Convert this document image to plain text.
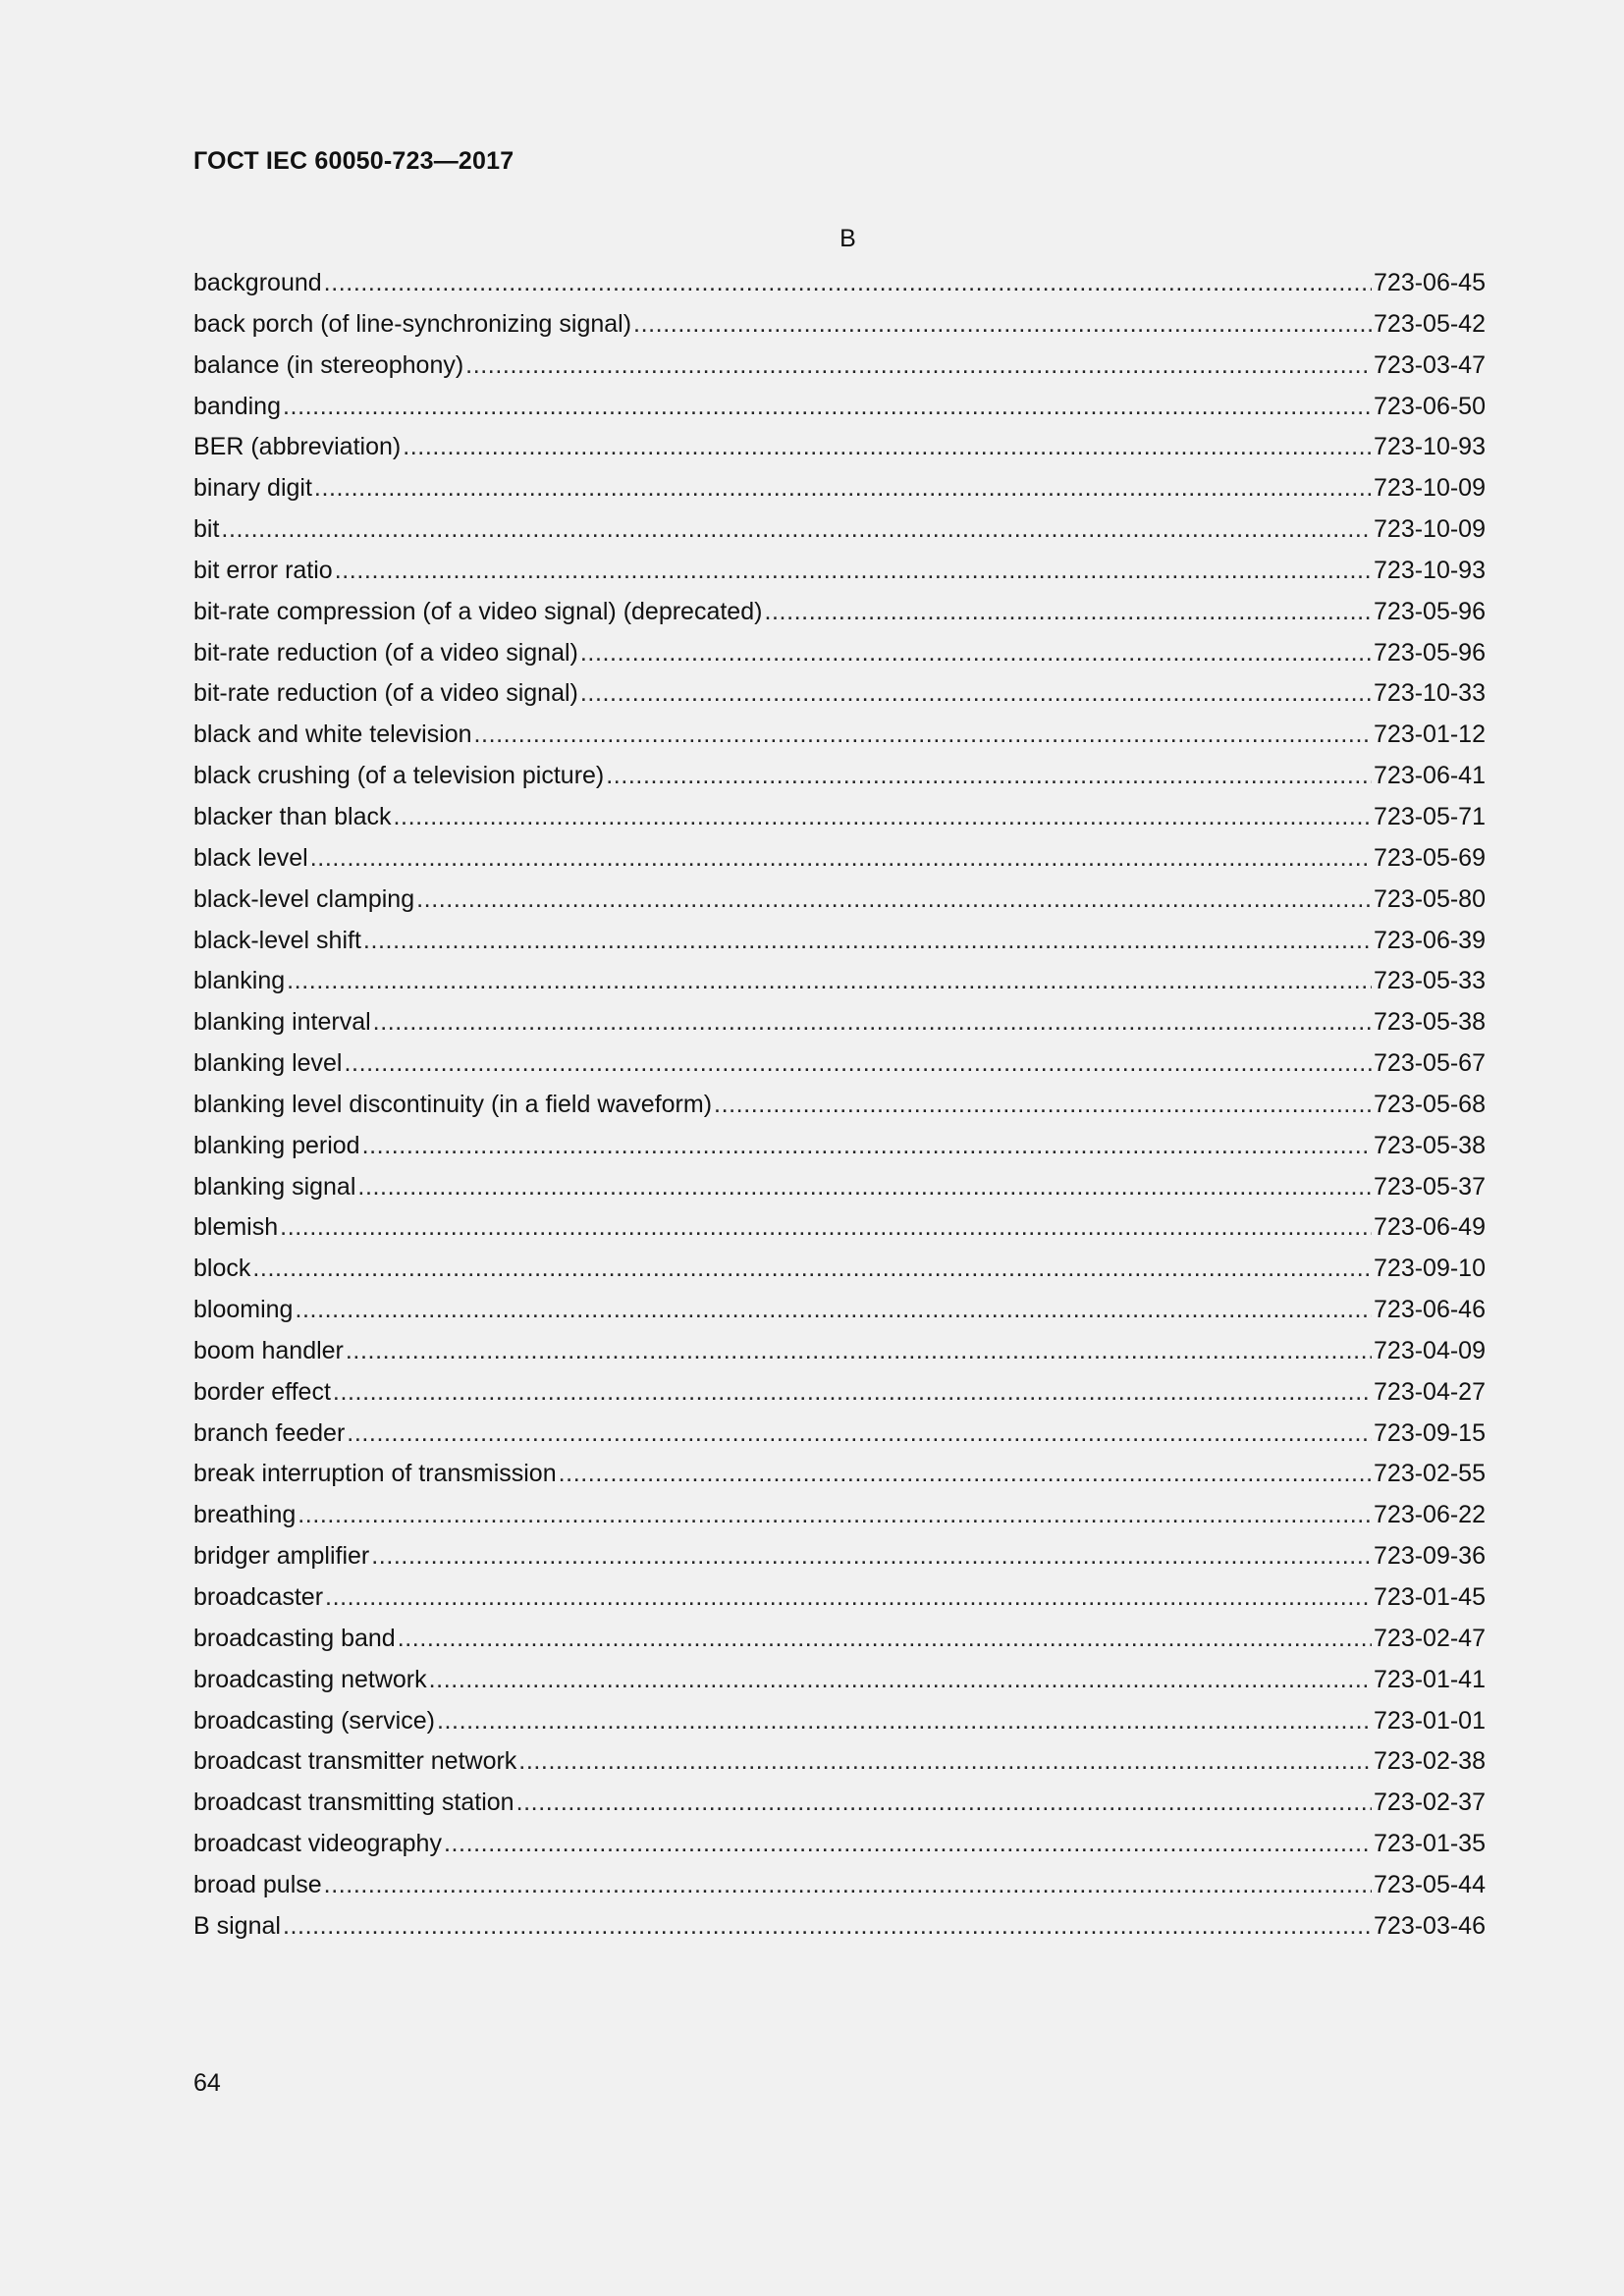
ГОСТ IEC 60050-723—2017
B
background .....	723-06-45
back porch (of line-synchronizing signal) .....	723-05-42
balance (in stereophony) .....	723-03-47
banding .....	723-06-50
BER (abbreviation) .....	723-10-93
binary digit .....	723-10-09
bit .....	723-10-09
bit error ratio .....	723-10-93
bit-rate compression (of a video signal) (deprecated) .....	723-05-96
bit-rate reduction (of a video signal) .....	723-05-96
bit-rate reduction (of a video signal) .....	723-10-33
black and white television .....	723-01-12
black crushing (of a television picture) .....	723-06-41
blacker than black .....	723-05-71
black level .....	723-05-69
black-level clamping .....	723-05-80
black-level shift .....	723-06-39
blanking .....	723-05-33
blanking interval .....	723-05-38
blanking level .....	723-05-67
blanking level discontinuity (in a field waveform) .....	723-05-68
blanking period .....	723-05-38
blanking signal .....	723-05-37
blemish .....	723-06-49
block .....	723-09-10
blooming .....	723-06-46
boom handler .....	723-04-09
border effect .....	723-04-27
branch feeder .....	723-09-15
break interruption of transmission .....	723-02-55
breathing .....	723-06-22
bridger amplifier .....	723-09-36
broadcaster .....	723-01-45
broadcasting band .....	723-02-47
broadcasting network .....	723-01-41
broadcasting (service) .....	723-01-01
broadcast transmitter network .....	723-02-38
broadcast transmitting station .....	723-02-37
broadcast videography .....	723-01-35
broad pulse .....	723-05-44
B signal .....	723-03-46
64
